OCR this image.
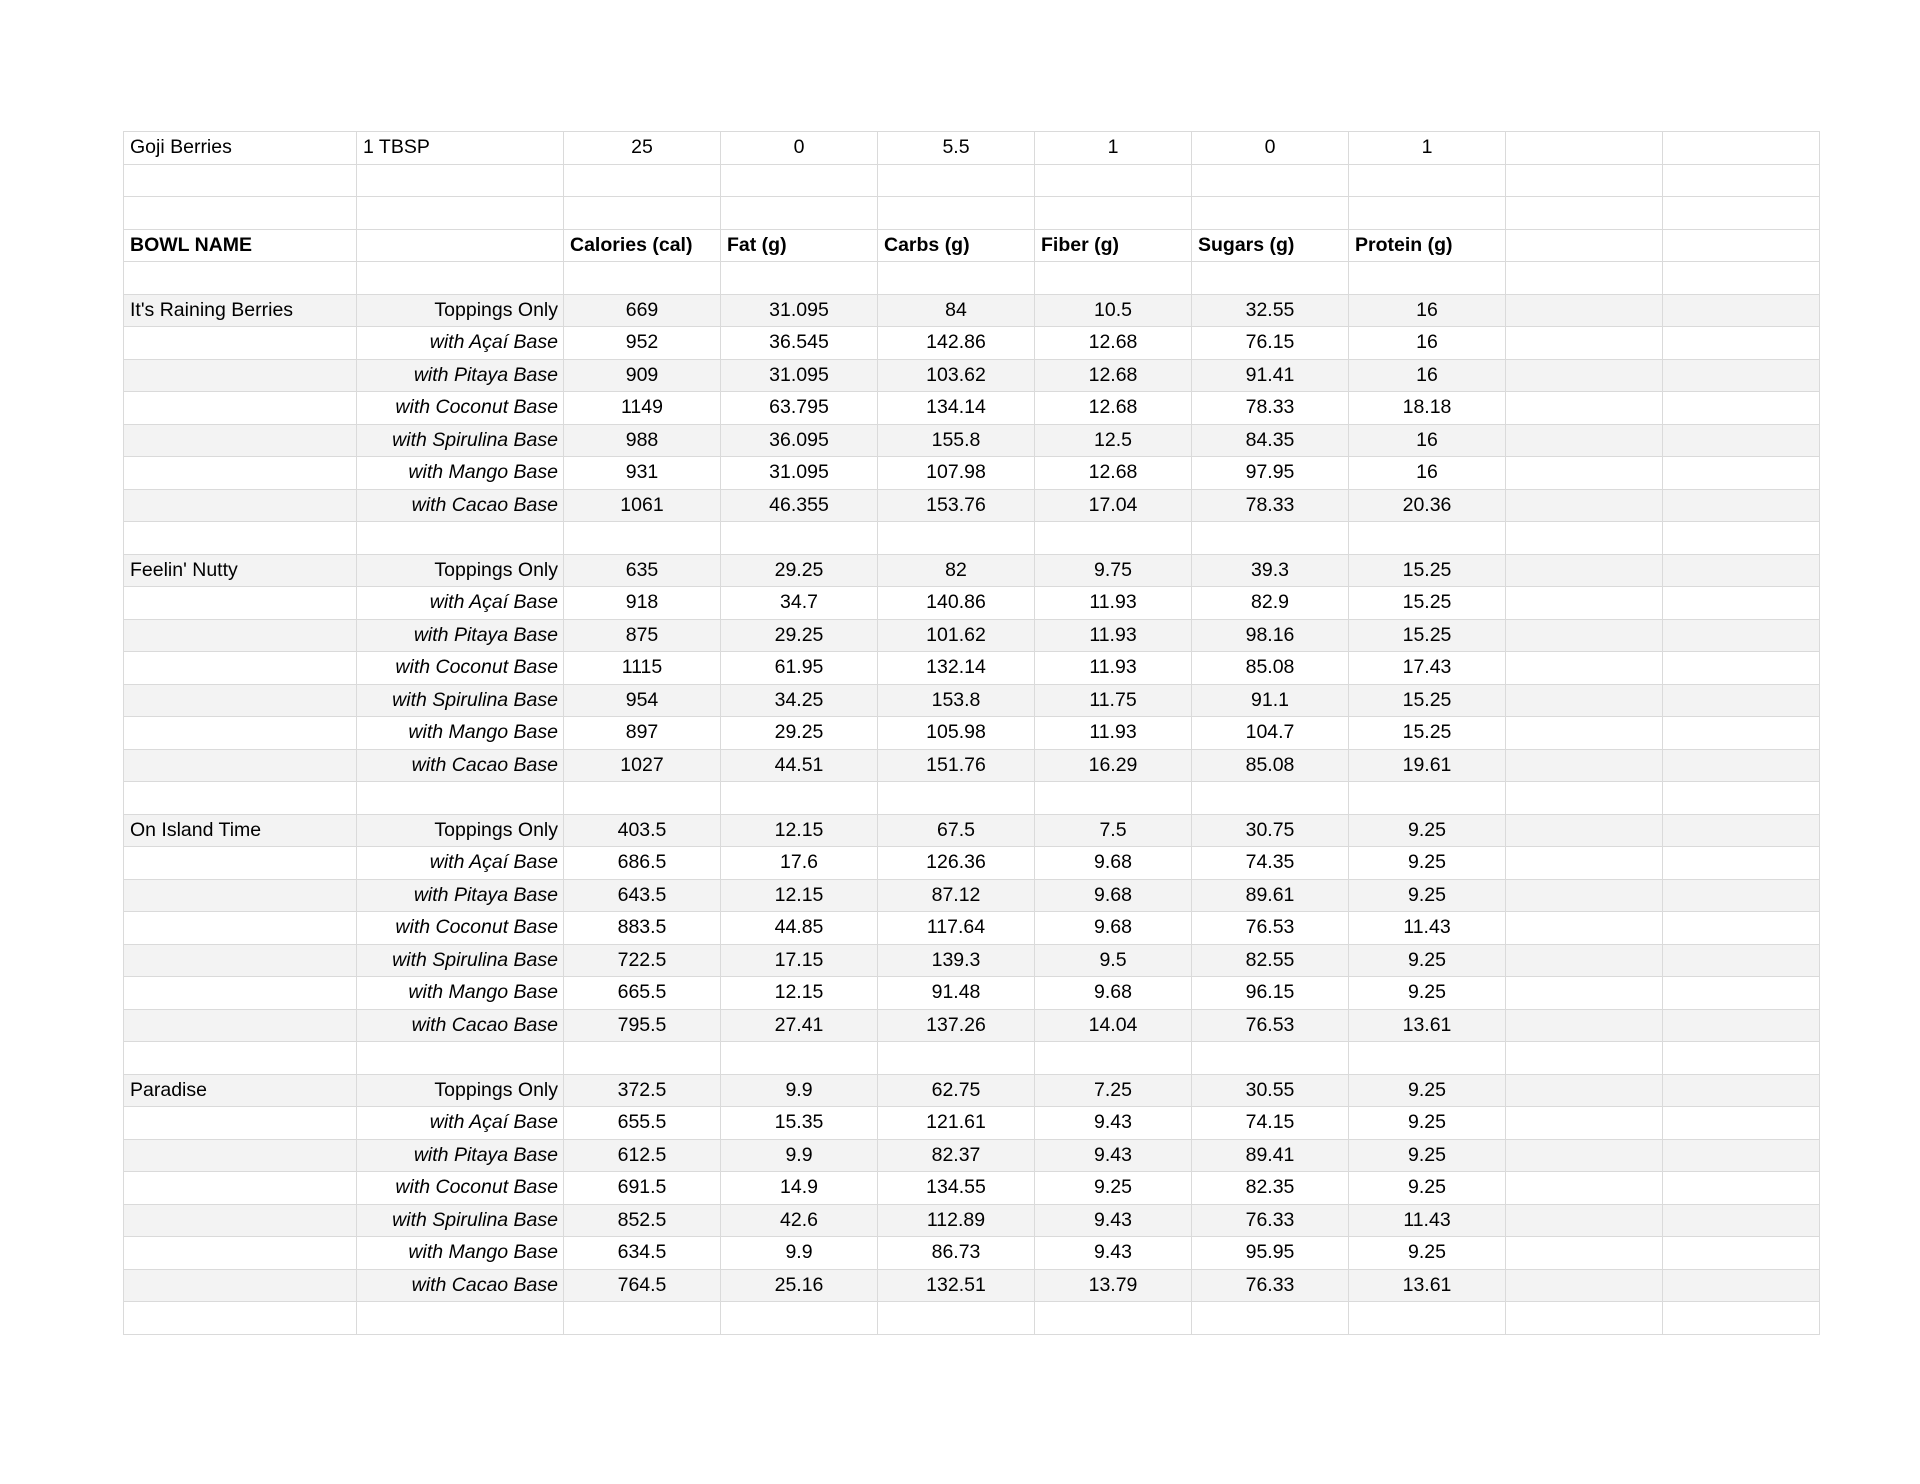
Goji Berries	1 TBSP	25	0	5.5	1	0	1		

BOWL NAME		Calories (cal)	Fat (g)	Carbs (g)	Fiber (g)	Sugars (g)	Protein (g)		

It's Raining Berries	Toppings Only	669	31.095	84	10.5	32.55	16		
	with Açaí Base	952	36.545	142.86	12.68	76.15	16		
	with Pitaya Base	909	31.095	103.62	12.68	91.41	16		
	with Coconut Base	1149	63.795	134.14	12.68	78.33	18.18		
	with Spirulina Base	988	36.095	155.8	12.5	84.35	16		
	with Mango Base	931	31.095	107.98	12.68	97.95	16		
	with Cacao Base	1061	46.355	153.76	17.04	78.33	20.36		

Feelin' Nutty	Toppings Only	635	29.25	82	9.75	39.3	15.25		
	with Açaí Base	918	34.7	140.86	11.93	82.9	15.25		
	with Pitaya Base	875	29.25	101.62	11.93	98.16	15.25		
	with Coconut Base	1115	61.95	132.14	11.93	85.08	17.43		
	with Spirulina Base	954	34.25	153.8	11.75	91.1	15.25		
	with Mango Base	897	29.25	105.98	11.93	104.7	15.25		
	with Cacao Base	1027	44.51	151.76	16.29	85.08	19.61		

On Island Time	Toppings Only	403.5	12.15	67.5	7.5	30.75	9.25		
	with Açaí Base	686.5	17.6	126.36	9.68	74.35	9.25		
	with Pitaya Base	643.5	12.15	87.12	9.68	89.61	9.25		
	with Coconut Base	883.5	44.85	117.64	9.68	76.53	11.43		
	with Spirulina Base	722.5	17.15	139.3	9.5	82.55	9.25		
	with Mango Base	665.5	12.15	91.48	9.68	96.15	9.25		
	with Cacao Base	795.5	27.41	137.26	14.04	76.53	13.61		

Paradise	Toppings Only	372.5	9.9	62.75	7.25	30.55	9.25		
	with Açaí Base	655.5	15.35	121.61	9.43	74.15	9.25		
	with Pitaya Base	612.5	9.9	82.37	9.43	89.41	9.25		
	with Coconut Base	691.5	14.9	134.55	9.25	82.35	9.25		
	with Spirulina Base	852.5	42.6	112.89	9.43	76.33	11.43		
	with Mango Base	634.5	9.9	86.73	9.43	95.95	9.25		
	with Cacao Base	764.5	25.16	132.51	13.79	76.33	13.61		
